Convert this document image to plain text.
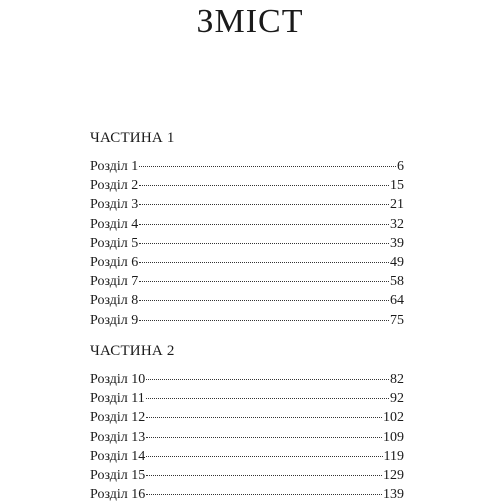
ЗМІСТ
ЧАСТИНА 1
Розділ 1	6
Розділ 2	15
Розділ 3	21
Розділ 4	32
Розділ 5	39
Розділ 6	49
Розділ 7	58
Розділ 8	64
Розділ 9	75
ЧАСТИНА 2
Розділ 10	82
Розділ 11	92
Розділ 12	102
Розділ 13	109
Розділ 14	119
Розділ 15	129
Розділ 16	139
